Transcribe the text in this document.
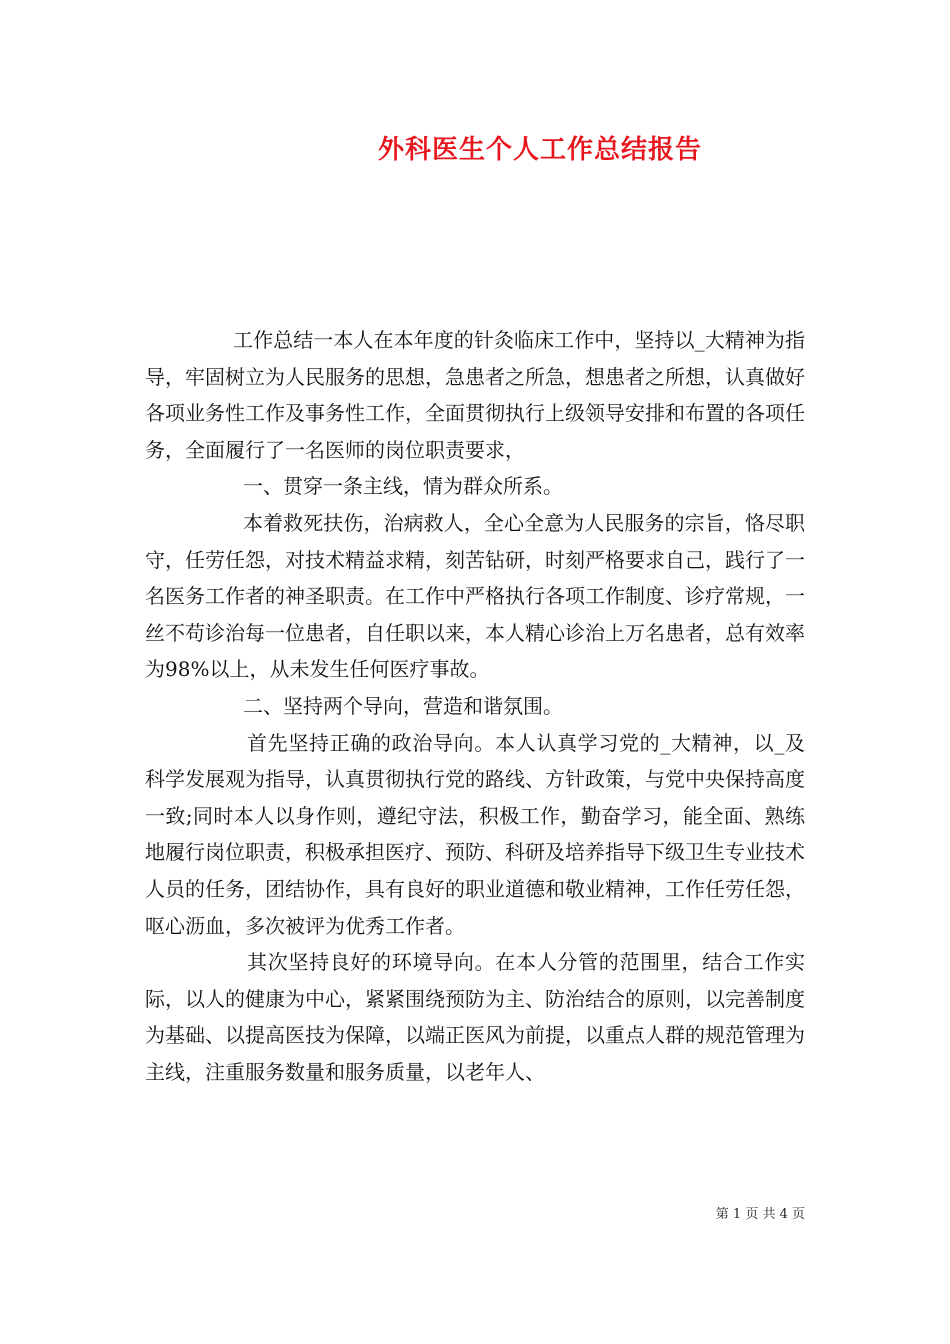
外科医生个人工作总结报告

工作总结一本人在本年度的针灸临床工作中，坚持以_大精神为指导，牢固树立为人民服务的思想，急患者之所急，想患者之所想，认真做好各项业务性工作及事务性工作，全面贯彻执行上级领导安排和布置的各项任务，全面履行了一名医师的岗位职责要求，

一、贯穿一条主线，情为群众所系。

本着救死扶伤，治病救人，全心全意为人民服务的宗旨，恪尽职守，任劳任怨，对技术精益求精，刻苦钻研，时刻严格要求自己，践行了一名医务工作者的神圣职责。在工作中严格执行各项工作制度、诊疗常规，一丝不苟诊治每一位患者，自任职以来，本人精心诊治上万名患者，总有效率为98%以上，从未发生任何医疗事故。

二、坚持两个导向，营造和谐氛围。

首先坚持正确的政治导向。本人认真学习党的_大精神，以_及科学发展观为指导，认真贯彻执行党的路线、方针政策，与党中央保持高度一致;同时本人以身作则，遵纪守法，积极工作，勤奋学习，能全面、熟练地履行岗位职责，积极承担医疗、预防、科研及培养指导下级卫生专业技术人员的任务，团结协作，具有良好的职业道德和敬业精神，工作任劳任怨，呕心沥血，多次被评为优秀工作者。

其次坚持良好的环境导向。在本人分管的范围里，结合工作实际，以人的健康为中心，紧紧围绕预防为主、防治结合的原则，以完善制度为基础、以提高医技为保障，以端正医风为前提，以重点人群的规范管理为主线，注重服务数量和服务质量，以老年人、

第 1 页 共 4 页
